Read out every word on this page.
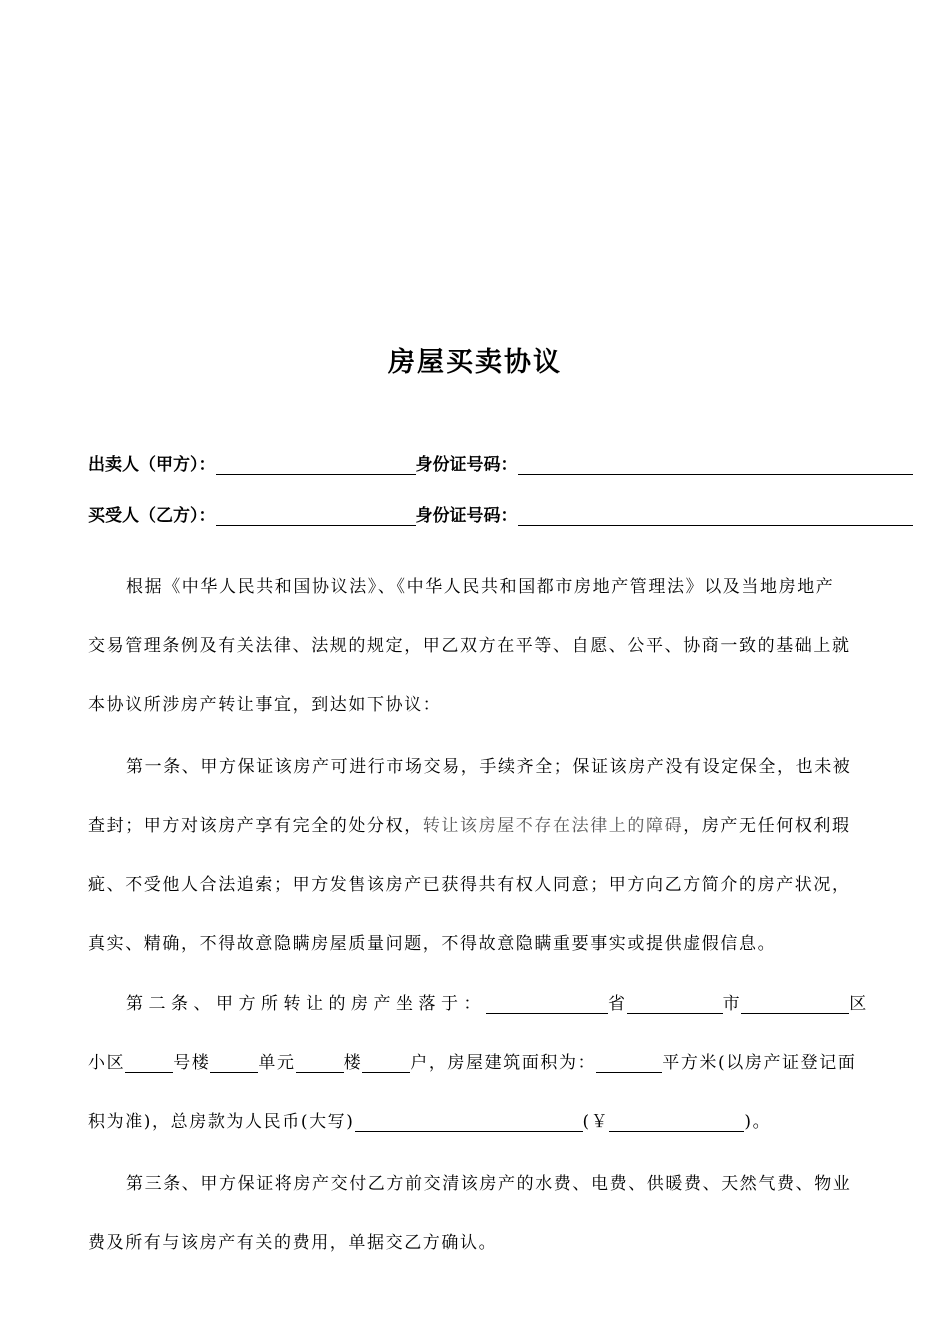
房屋买卖协议
出卖人（甲方）：	身份证号码：
买受人（乙方）：	身份证号码：
根据《中华人民共和国协议法》、《中华人民共和国都市房地产管理法》以及当地房地产
交易管理条例及有关法律、法规的规定，甲乙双方在平等、自愿、公平、协商一致的基础上就
本协议所涉房产转让事宜，到达如下协议：
第一条、甲方保证该房产可进行市场交易，手续齐全；保证该房产没有设定保全，也未被
查封；甲方对该房产享有完全的处分权，转让该房屋不存在法律上的障碍，房产无任何权利瑕
疵、不受他人合法追索；甲方发售该房产已获得共有权人同意；甲方向乙方简介的房产状况，
真实、精确，不得故意隐瞒房屋质量问题，不得故意隐瞒重要事实或提供虚假信息。
第二条、甲方所转让的房产坐落于：	省	市	区
小区	号楼	单元	楼	户，房屋建筑面积为：	平方米(以房产证登记面
积为准)，总房款为人民币(大写)	(￥	)。
第三条、甲方保证将房产交付乙方前交清该房产的水费、电费、供暖费、天然气费、物业
费及所有与该房产有关的费用，单据交乙方确认。
